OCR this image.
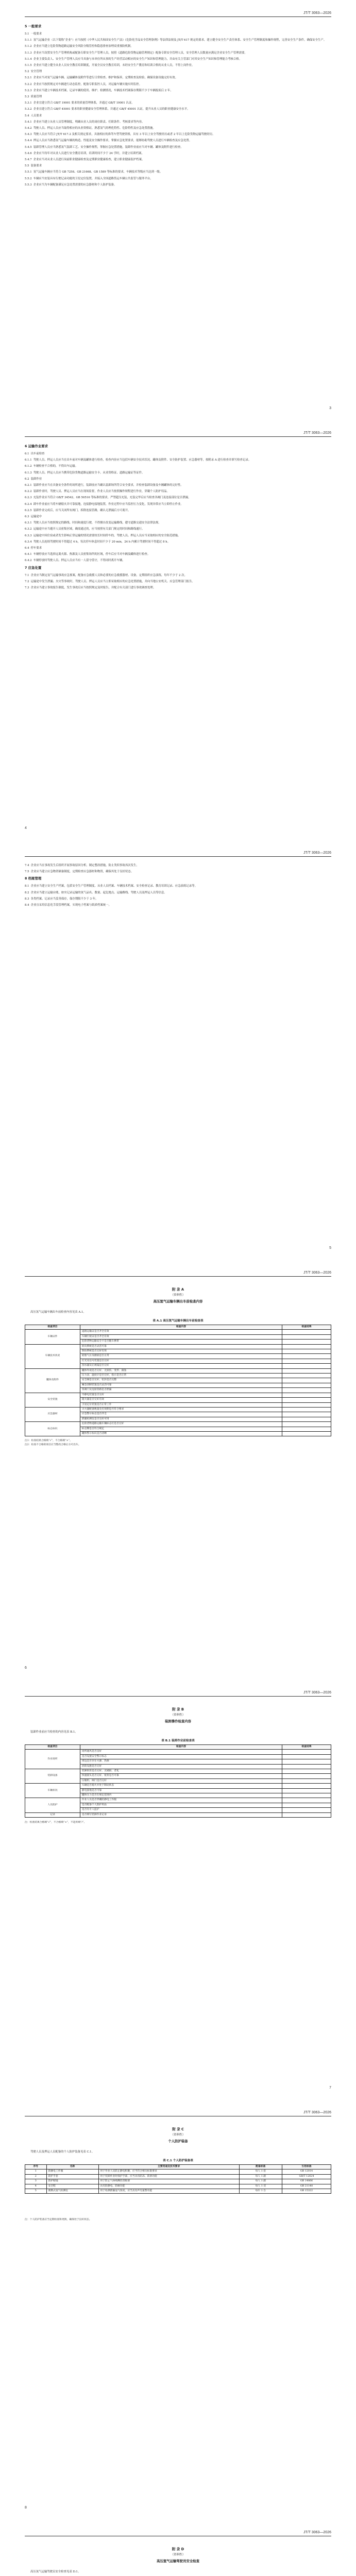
JT/T 3063—2026
3
5 一般要求
5.1 一般要求
5.1.1 氢气运输企业（以下简称“企业”）应当按照《中华人民共和国安全生产法》《危险化学品安全管理条例》等法律法规及 JT/T 617 规定的要求，建立健全安全生产责任体系、安全生产管理制度和操作规程，完善安全生产条件，确保安全生产。
5.1.2 企业应当建立危险货物道路运输安全风险分级管控和隐患排查治理双重预防机制。
5.1.3 企业应当设置安全生产管理机构或配备专职安全生产管理人员，按照《道路危险货物运输管理规定》配备专职安全管理人员，安全管理人员数量应满足企业安全生产管理需要。
5.1.4 企业主要负责人、安全生产管理人员应当具备与本单位所从事的生产经营活动相应的安全生产知识和管理能力，并由有关主管部门对其安全生产知识和管理能力考核合格。
5.1.5 企业应当建立健全从业人员安全教育培训制度，开展全员安全教育培训，未经安全生产教育和培训合格的从业人员，不得上岗作业。
5.2 安全管理
5.2.1 企业应当对氢气运输车辆、运输罐体及附件等进行日常检查、维护和保养，定期检查及检验，确保设备设施完好有效。
5.2.2 企业应当按照规定对车辆进行动态监控，配备专职监控人员，对运输车辆实施实时监控。
5.2.3 企业应当建立车辆技术档案，记录车辆的使用、维护、检测情况，车辆技术档案保存期限不少于车辆报废后 2 年。
5.3 质量管理
5.3.1 企业宜建立符合 GB/T 19001 要求的质量管理体系，并通过 GB/T 19001 认证。
5.3.2 企业宜建立符合 GB/T 45001 要求的职业健康安全管理体系，并通过 GB/T 45001 认证，提升从业人员的职业健康安全水平。
5.4 人员要求
5.4.1 企业应当建立从业人员管理制度，明确从业人员的岗位职责、任职条件、考核要求等内容。
5.4.2 驾驶人员、押运人员应当取得相应的从业资格证，熟悉氢气的理化特性、危险特性及应急处置措施。
5.4.3 驾驶人员应当符合 JT/T 617.2 及相关规定要求，具备相应的准驾车型驾驶资格，具有 3 年以上安全驾驶经历或者 2 年以上危险货物运输驾驶经历。
5.4.4 押运人员应当熟悉氢气运输车辆的构造、性能及安全操作要求，掌握应急处置要求，能够协助驾驶人员进行车辆检查及应急处置。
5.4.5 装卸管理人员应当熟悉氢气装卸工艺、安全操作规程，掌握应急处置措施，装卸作业前应当对车辆、罐体及附件进行检查。
5.4.6 企业应当每年对从业人员进行安全教育培训，培训时间不少于 24 学时，并建立培训档案。
5.4.7 企业应当对从业人员进行岗前职业健康检查及定期职业健康检查，建立职业健康监护档案。
5.5 装备要求
5.5.1 氢气运输车辆应当符合 GB 7258、GB 21668、GB 1589 等标准的要求，车辆技术等级应当达到一级。
5.5.2 车辆应当安装具有行驶记录功能的卫星定位装置，并接入全国道路货运车辆公共监管与服务平台。
5.5.3 企业应当为车辆配备满足应急处置需要的应急器材和个人防护装备。
JT/T 3063—2026
4
6 运输作业要求
6.1 出车前检查
6.1.1 驾驶人员、押运人员应当在出车前对车辆及罐体进行检查，检查内容应当包括车辆安全技术状况、罐体及附件、安全防护装置、应急器材等，按附录 A 进行检查并填写检查记录。
6.1.2 车辆检查不合格的，不得出车运输。
6.1.3 驾驶人员、押运人员应当携带危险货物道路运输安全卡、从业资格证、道路运输证等证件。
6.2 装卸作业
6.2.1 装卸作业应当在具备安全条件的场所进行，装卸前应当确认装卸场所符合安全要求，并检查装卸设备及车辆罐体的完好性。
6.2.2 装卸作业时，驾驶人员、押运人员应当在现场监督，作业人员应当按照操作规程进行作业，穿戴个人防护用品。
6.2.3 充装作业应当符合 GB/T 34542、GB 50516 等标准的要求，严禁超压充装，充装完毕后应当检查各阀门及连接部位是否泄漏。
6.2.4 卸车作业前应当将车辆熄火并可靠接地，连接静电接地装置，作业过程中应当监控压力变化，发现异常应当立即停止作业。
6.2.5 装卸作业完成后，应当关闭所有阀门，拆除连接管路，确认无泄漏后方可离开。
6.3 运输途中
6.3.1 驾驶人员应当按照规定的路线、时间和速度行驶，不得擅自改变运输路线，遵守道路交通安全法律法规。
6.3.2 运输途中应当避开人员密集区域，确需通过的，应当按照有关部门规定的时间和路线通行。
6.3.3 运输途中因住宿或者发生影响正常运输的情况需要较长时间停车的，驾驶人员、押运人员应当采取相应的安全防范措施。
6.3.4 驾驶人员连续驾驶时间不得超过 4 h，每次停车休息时间不少于 20 min，24 h 内累计驾驶时间不得超过 8 h。
6.4 停车要求
6.4.1 车辆停放应当选择远离火源、热源及人员密集场所的区域，停车后应当对车辆及罐体进行检查。
6.4.2 车辆停放时驾驶人员、押运人员应当有一人留守值守，不得同时离开车辆。
7 应急处置
7.1 企业应当制定氢气运输事故应急预案，配备应急救援人员和必要的应急救援器材、设备，定期组织应急演练，每年不少于 2 次。
7.2 运输途中发生泄漏、火灾等事故时，驾驶人员、押运人员应当立即采取相应的应急处置措施，并向当地公安机关、应急管理部门报告。
7.3 企业应当建立事故报告制度，发生事故后应当按照规定及时报告，并配合有关部门进行事故调查处理。
JT/T 3063—2026
5
7.4 企业应当在事故发生后组织开展事故原因分析，制定整改措施，防止类似事故再次发生。
7.5 企业应当建立应急物资储备制度，定期检查应急器材和物资，确保其处于良好状态。
8 档案管理
8.1 企业应当建立安全生产档案，包括安全生产管理制度、从业人员档案、车辆技术档案、安全检查记录、教育培训记录、应急演练记录等。
8.2 企业应当建立运输台账，如实记录运输的氢气品名、数量、起讫地点、运输路线、驾驶人员及押运人员等信息。
8.3 各类档案、记录应当妥善保存，保存期限不少于 3 年。
8.4 企业宜采用信息化手段管理档案，实现电子档案与纸质档案统一。
JT/T 3063—2026
6
附 录 A
（资料性）
高压氢气运输车辆出车前检查内容
高压氢气运输车辆出车前检查内容见表 A.1。
表 A.1 高压氢气运输车辆出车前检查表
检查项目	检查内容	检查结果
车辆证件	道路运输证是否齐全有效	
	车辆行驶证是否齐全有效	
	危险货物运输安全卡是否随车携带	
车辆技术状况	转向系统是否灵活可靠	
	制动系统是否完好有效	
	轮胎气压及磨损是否正常	
	灯光及信号装置是否完好	
	刮水器及后视镜是否完好	
罐体及附件	罐体外观是否完好，无损伤、变形、腐蚀	
	压力表、温度计是否完好，指示是否正常	
	安全阀是否完好，铅封是否完整	
	紧急切断装置是否灵活可靠	
	各阀门及连接管路是否泄漏	
安全装置	导静电装置是否完好	
	阻火器是否完好有效	
	卫星定位装置是否正常工作	
应急器材	灭火器配备数量及有效期是否符合要求	
	应急警示标志是否齐全	
	泄漏检测仪是否完好可用	
标志标识	危险货物道路运输车辆标志灯是否完好	
	标志牌是否符合规定	
	罐体警示标识是否清晰	
注1：检查结果合格填“√”，不合格填“×”。
注2：检查不合格的项目应当整改合格后方可出车。
JT/T 3063—2026
7
附 录 B
（资料性）
装卸操作检查内容
装卸作业前应当检查的内容见表 B.1。
表 B.1 装卸作业前检查表
检查项目	检查内容	检查结果
作业场所	场所通风是否良好	
	是否设置安全警示标志	
	周边是否存在火源、热源	
	消防设施是否完好	
装卸设备	装卸软管是否完好，无破损、老化	
	快速接头是否完好，密封是否可靠	
	压缩机、阀门是否完好	
车辆状况	车辆是否熄火并处于制动状态	
	静电接地是否可靠	
	罐体压力是否在规定范围内	
人员防护	作业人员是否穿戴防静电工作服	
	是否配备个人防护用品	
	是否有专人监护	
记录	是否填写装卸作业记录	
注：检查结果合格填“√”，不合格填“×”，不适用填“/”。
JT/T 3063—2026
8
附 录 C
（资料性）
个人防护装备
驾驶人员及押运人员配备的个人防护装备见表 C.1。
表 C.1 个人防护装备表
序号	名称	主要用途及技术要求	配备标准	引用标准
1	防静电工作服	用于作业人员防止静电积聚，应当符合相关标准要求	每人 1 套	GB 12014
2	防护手套	用于装卸作业时保护手部，应当具有防冻、防滑功能	每人 1 副	GB/T 12624
3	防护眼镜	用于防止气体喷溅伤害眼部	每人 1 副	GB 14866
4	安全鞋	具有防静电、防砸功能	每人 1 双	GB 21148
5	便携式氢气检测仪	用于检测泄漏氢气浓度，应当具有声光报警功能	每车 1 台	GB 15322
注：个人防护装备应当定期检查和更换，确保处于良好状态。
JT/T 3063—2026
附 录 D
（资料性）
高压氢气运输驾驶员安全检查
高压氢气运输驾驶员安全检查见表 D.1。
